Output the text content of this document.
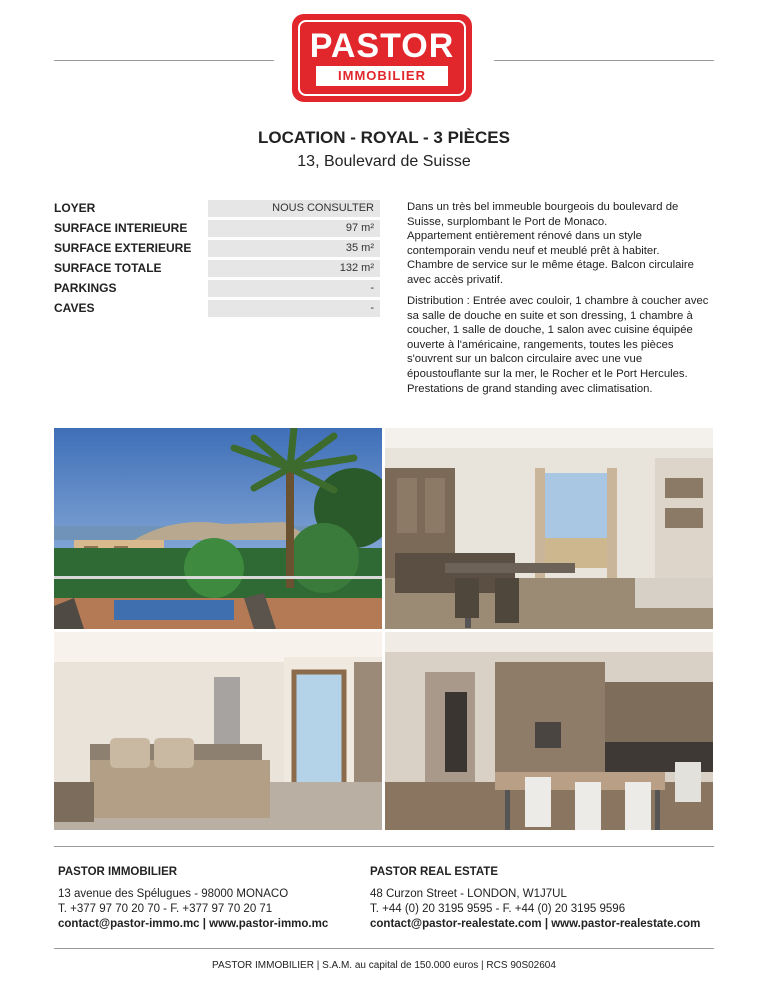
PASTOR
IMMOBILIER
LOCATION - ROYAL - 3 PIÈCES
13, Boulevard de Suisse
LOYER	NOUS CONSULTER
SURFACE INTERIEURE	97 m²
SURFACE EXTERIEURE	35 m²
SURFACE TOTALE	132 m²
PARKINGS	-
CAVES	-
Dans un très bel immeuble bourgeois du boulevard de
Suisse, surplombant le Port de Monaco.
Appartement entièrement rénové dans un style
contemporain vendu neuf et meublé prêt à habiter.
Chambre de service sur le même étage. Balcon circulaire
avec accès privatif.
Distribution : Entrée avec couloir, 1 chambre à coucher avec
sa salle de douche en suite et son dressing, 1 chambre à
coucher, 1 salle de douche, 1 salon avec cuisine équipée
ouverte à l'américaine, rangements, toutes les pièces
s'ouvrent sur un balcon circulaire avec une vue
époustouflante sur la mer, le Rocher et le Port Hercules.
Prestations de grand standing avec climatisation.
PASTOR IMMOBILIER
13 avenue des Spélugues - 98000 MONACO
T. +377 97 70 20 70 - F. +377 97 70 20 71
contact@pastor-immo.mc | www.pastor-immo.mc
PASTOR REAL ESTATE
48 Curzon Street - LONDON, W1J7UL
T. +44 (0) 20 3195 9595 - F. +44 (0) 20 3195 9596
contact@pastor-realestate.com | www.pastor-realestate.com
PASTOR IMMOBILIER | S.A.M. au capital de 150.000 euros | RCS 90S02604
